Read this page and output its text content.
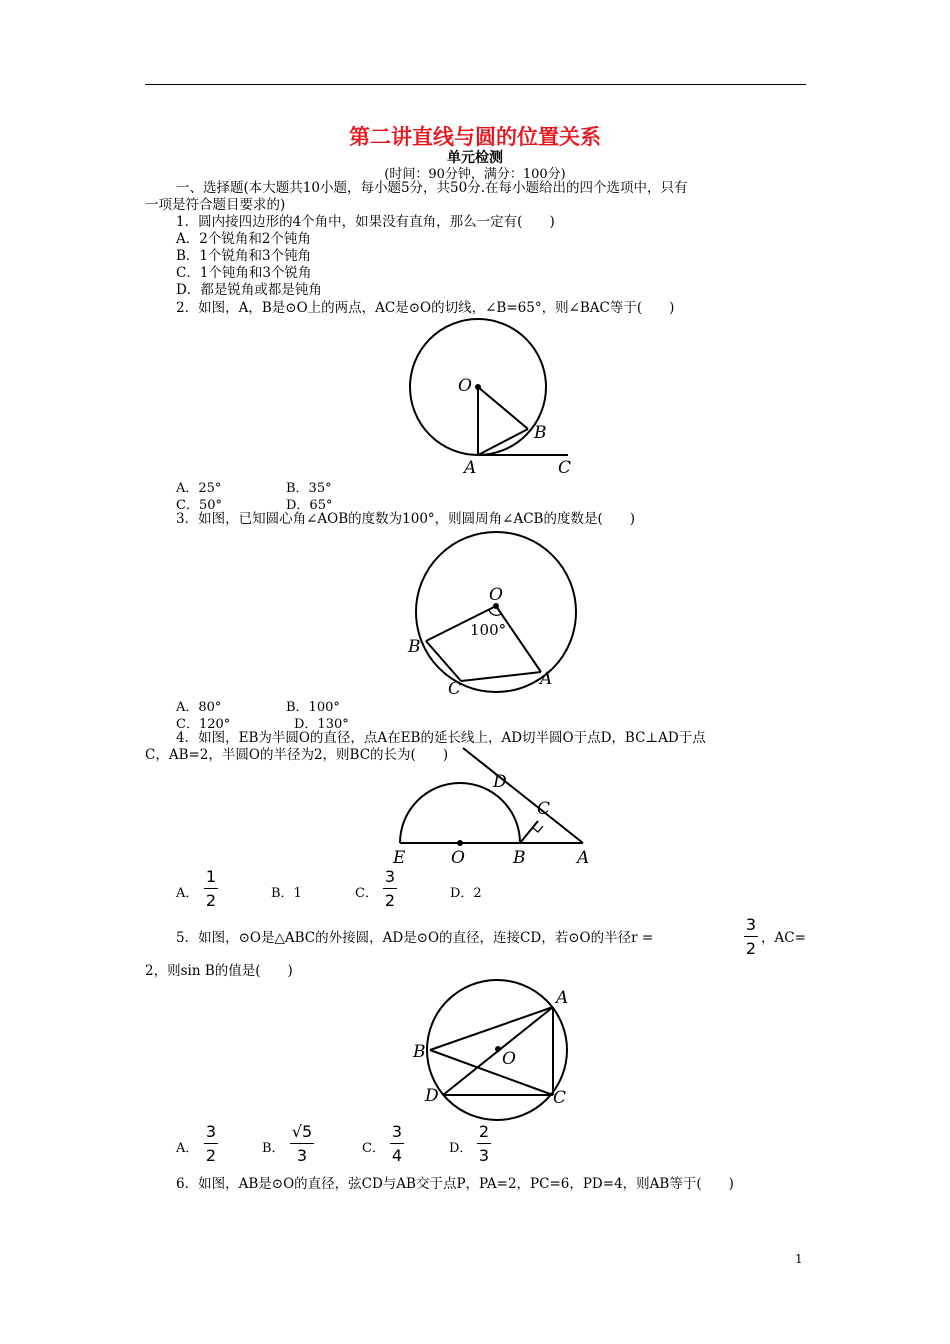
第二讲直线与圆的位置关系
单元检测
(时间：90分钟，满分：100分)
一、选择题(本大题共10小题，每小题5分，共50分.在每小题给出的四个选项中，只有
一项是符合题目要求的)
1．圆内接四边形的4个角中，如果没有直角，那么一定有(　　)
A．2个锐角和2个钝角
B．1个锐角和3个钝角
C．1个钝角和3个锐角
D．都是锐角或都是钝角
2．如图，A，B是⊙O上的两点，AC是⊙O的切线，∠B=65°，则∠BAC等于(　　)
O
B
A	C
A．25°	B．35°
C．50°	D．65°
3．如图，已知圆心角∠AOB的度数为100°，则圆周角∠ACB的度数是(　　)
O
100°
B
C	A
A．80°	B．100°
C．120°	D．130°
4．如图，EB为半圆O的直径，点A在EB的延长线上，AD切半圆O于点D，BC⊥AD于点
C，AB=2，半圆O的半径为2，则BC的长为(　　)
E	O	B	A
C
D
A．
1
2	B．1	C．
3
2	D．2
5．如图，⊙O是△ABC的外接圆，AD是⊙O的直径，连接CD，若⊙O的半径r =
3
2
，AC=
2，则sin B的值是(　　)
A
B	O
D	C
A．
3
2	B．
√5
3	C．
3
4	D．
2
3
6．如图，AB是⊙O的直径，弦CD与AB交于点P，PA=2，PC=6，PD=4，则AB等于(　　)
1
